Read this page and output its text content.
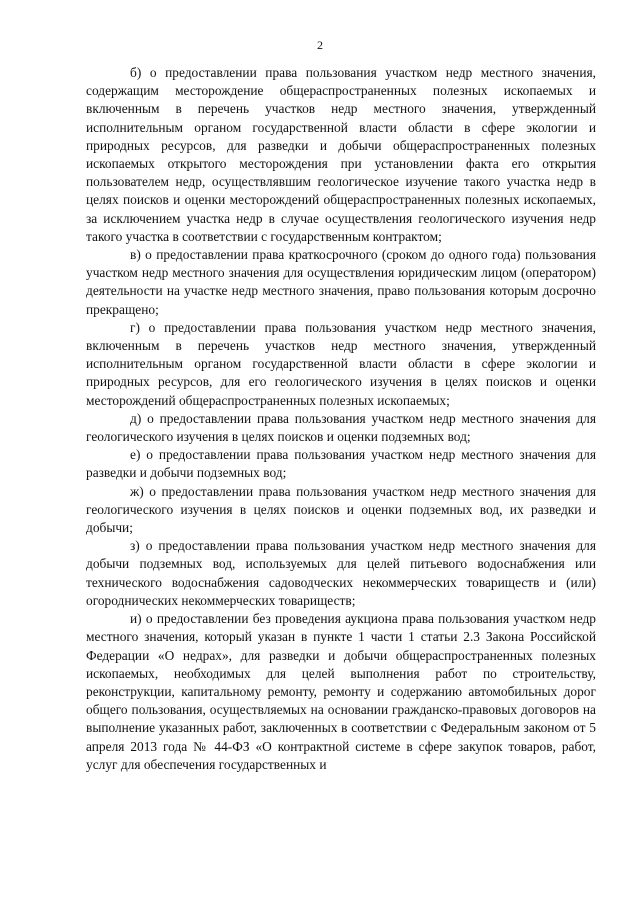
2

б) о предоставлении права пользования участком недр местного значения, содержащим месторождение общераспространенных полезных ископаемых и включенным в перечень участков недр местного значения, утвержденный исполнительным органом государственной власти области в сфере экологии и природных ресурсов, для разведки и добычи общераспространенных полезных ископаемых открытого месторождения при установлении факта его открытия пользователем недр, осуществлявшим геологическое изучение такого участка недр в целях поисков и оценки месторождений общераспространенных полезных ископаемых, за исключением участка недр в случае осуществления геологического изучения недр такого участка в соответствии с государственным контрактом;

в) о предоставлении права краткосрочного (сроком до одного года) пользования участком недр местного значения для осуществления юридическим лицом (оператором) деятельности на участке недр местного значения, право пользования которым досрочно прекращено;

г) о предоставлении права пользования участком недр местного значения, включенным в перечень участков недр местного значения, утвержденный исполнительным органом государственной власти области в сфере экологии и природных ресурсов, для его геологического изучения в целях поисков и оценки месторождений общераспространенных полезных ископаемых;

д) о предоставлении права пользования участком недр местного значения для геологического изучения в целях поисков и оценки подземных вод;

е) о предоставлении права пользования участком недр местного значения для разведки и добычи подземных вод;

ж) о предоставлении права пользования участком недр местного значения для геологического изучения в целях поисков и оценки подземных вод, их разведки и добычи;

з) о предоставлении права пользования участком недр местного значения для добычи подземных вод, используемых для целей питьевого водоснабжения или технического водоснабжения садоводческих некоммерческих товариществ и (или) огороднических некоммерческих товариществ;

и) о предоставлении без проведения аукциона права пользования участком недр местного значения, который указан в пункте 1 части 1 статьи 2.3 Закона Российской Федерации «О недрах», для разведки и добычи общераспространенных полезных ископаемых, необходимых для целей выполнения работ по строительству, реконструкции, капитальному ремонту, ремонту и содержанию автомобильных дорог общего пользования, осуществляемых на основании гражданско-правовых договоров на выполнение указанных работ, заключенных в соответствии с Федеральным законом от 5 апреля 2013 года № 44-ФЗ «О контрактной системе в сфере закупок товаров, работ, услуг для обеспечения государственных и
